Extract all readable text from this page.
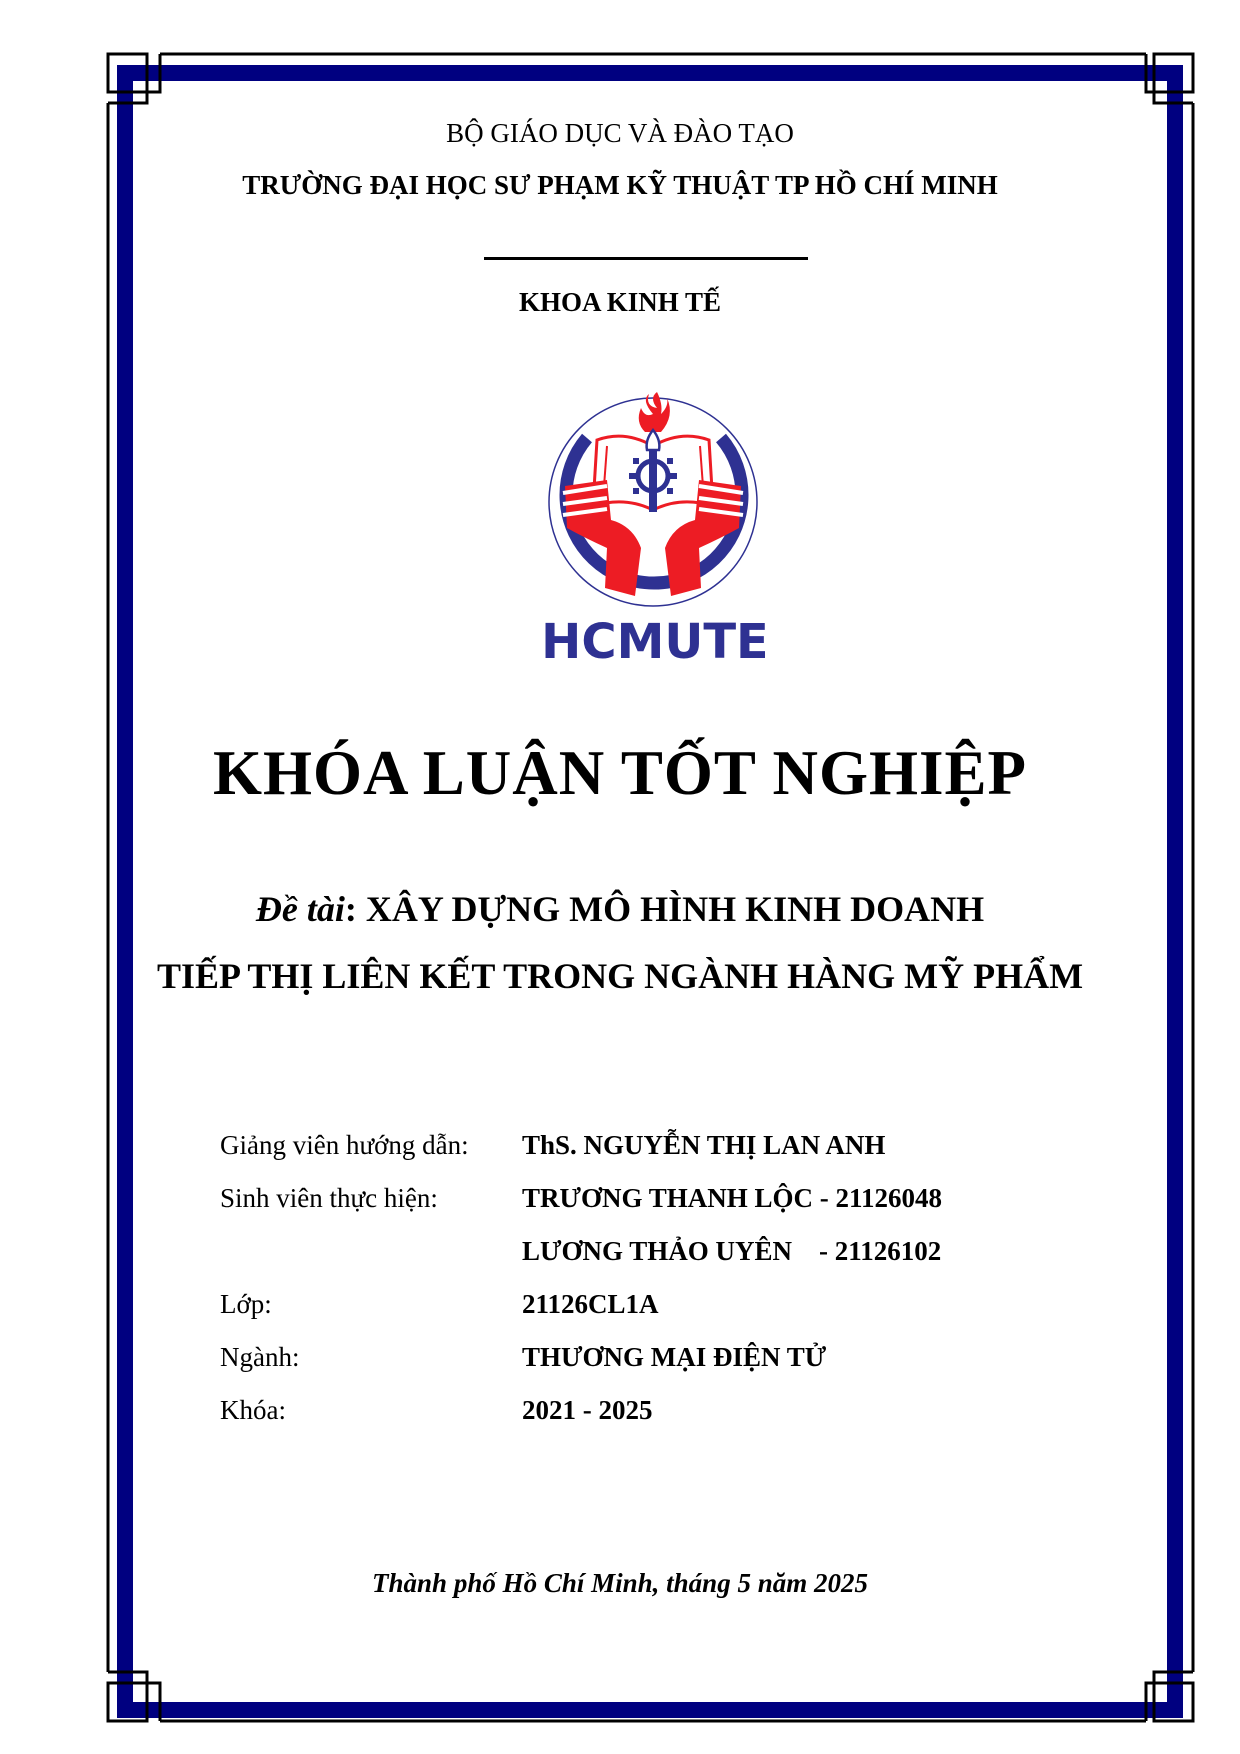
BỘ GIÁO DỤC VÀ ĐÀO TẠO
TRƯỜNG ĐẠI HỌC SƯ PHẠM KỸ THUẬT TP HỒ CHÍ MINH
KHOA KINH TẾ
HCMUTE
KHÓA LUẬN TỐT NGHIỆP
Đề tài: XÂY DỰNG MÔ HÌNH KINH DOANH
TIẾP THỊ LIÊN KẾT TRONG NGÀNH HÀNG MỸ PHẨM

Giảng viên hướng dẫn:

ThS. NGUYỄN THỊ LAN ANH

Sinh viên thực hiện:

	TRƯƠNG THANH LỘC - 21126048

LƯƠNG THẢO UYÊN    - 21126102

Lớp:

	21126CL1A

Ngành:

	THƯƠNG MẠI ĐIỆN TỬ

Khóa:

	2021 - 2025

Thành phố Hồ Chí Minh, tháng 5 năm 2025
